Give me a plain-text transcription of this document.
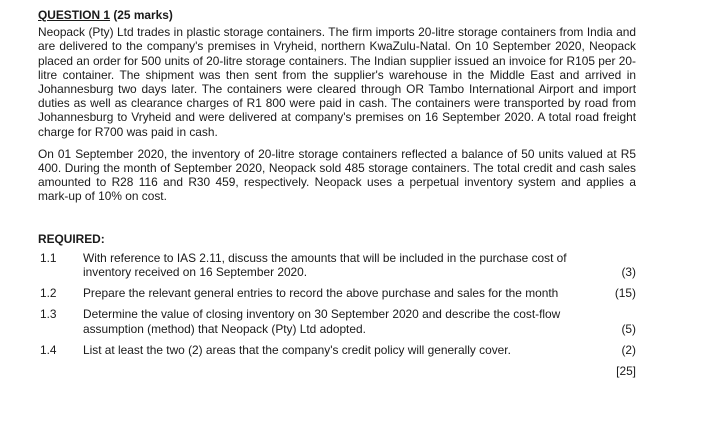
QUESTION 1 (25 marks)

Neopack (Pty) Ltd trades in plastic storage containers. The firm imports 20-litre storage containers from India and are delivered to the company's premises in Vryheid, northern KwaZulu-Natal. On 10 September 2020, Neopack placed an order for 500 units of 20-litre storage containers. The Indian supplier issued an invoice for R105 per 20-litre container. The shipment was then sent from the supplier's warehouse in the Middle East and arrived in Johannesburg two days later. The containers were cleared through OR Tambo International Airport and import duties as well as clearance charges of R1 800 were paid in cash. The containers were transported by road from Johannesburg to Vryheid and were delivered at company's premises on 16 September 2020. A total road freight charge for R700 was paid in cash.

On 01 September 2020, the inventory of 20-litre storage containers reflected a balance of 50 units valued at R5 400. During the month of September 2020, Neopack sold 485 storage containers. The total credit and cash sales amounted to R28 116 and R30 459, respectively. Neopack uses a perpetual inventory system and applies a mark-up of 10% on cost.

REQUIRED:
1.1 With reference to IAS 2.11, discuss the amounts that will be included in the purchase cost of inventory received on 16 September 2020.	(3)
1.2 Prepare the relevant general entries to record the above purchase and sales for the month	(15)
1.3 Determine the value of closing inventory on 30 September 2020 and describe the cost-flow assumption (method) that Neopack (Pty) Ltd adopted.	(5)
1.4 List at least the two (2) areas that the company's credit policy will generally cover.	(2)
[25]
